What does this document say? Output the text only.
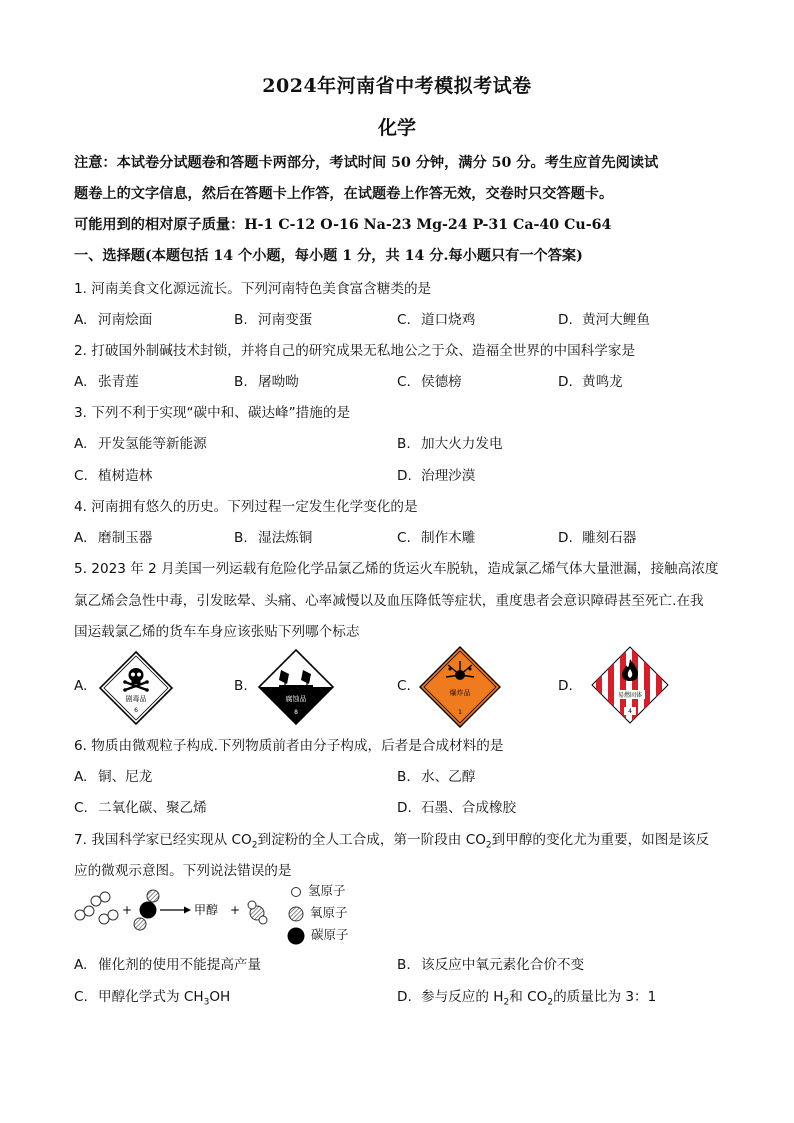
2024年河南省中考模拟考试卷
化学
注意：本试卷分试题卷和答题卡两部分，考试时间 50 分钟，满分 50 分。考生应首先阅读试
题卷上的文字信息，然后在答题卡上作答，在试题卷上作答无效，交卷时只交答题卡。
可能用到的相对原子质量：H-1 C-12 O-16 Na-23 Mg-24 P-31 Ca-40 Cu-64
一、选择题(本题包括 14 个小题，每小题 1 分，共 14 分.每小题只有一个答案)
1. 河南美食文化源远流长。下列河南特色美食富含糖类的是
A. 河南烩面	B. 河南变蛋	C. 道口烧鸡	D. 黄河大鲤鱼
2. 打破国外制碱技术封锁，并将自己的研究成果无私地公之于众、造福全世界的中国科学家是
A. 张青莲	B. 屠呦呦	C. 侯德榜	D. 黄鸣龙
3. 下列不利于实现“碳中和、碳达峰”措施的是
A. 开发氢能等新能源	B. 加大火力发电
C. 植树造林	D. 治理沙漠
4. 河南拥有悠久的历史。下列过程一定发生化学变化的是
A. 磨制玉器	B. 湿法炼铜	C. 制作木雕	D. 雕刻石器
5. 2023 年 2 月美国一列运载有危险化学品氯乙烯的货运火车脱轨，造成氯乙烯气体大量泄漏，接触高浓度
氯乙烯会急性中毒，引发眩晕、头痛、心率减慢以及血压降低等症状，重度患者会意识障碍甚至死亡.在我
国运载氯乙烯的货车车身应该张贴下列哪个标志
A.
剧毒品
6
B.
腐蚀品
8
C.	爆炸品
1
D.
易燃固体
4
6. 物质由微观粒子构成.下列物质前者由分子构成，后者是合成材料的是
A. 铜、尼龙	B. 水、乙醇
C. 二氧化碳、聚乙烯	D. 石墨、合成橡胶
7. 我国科学家已经实现从 $CO_2$到淀粉的全人工合成，第一阶段由 $CO_2$到甲醇的变化尤为重要，如图是该反
应的微观示意图。下列说法错误的是
+	甲醇 +
氢原子
氧原子
碳原子
A. 催化剂的使用不能提高产量	B. 该反应中氧元素化合价不变
C. 甲醇化学式为 $CH_3OH$	D. 参与反应的 $H_2$和 $CO_2$的质量比为 3：1
